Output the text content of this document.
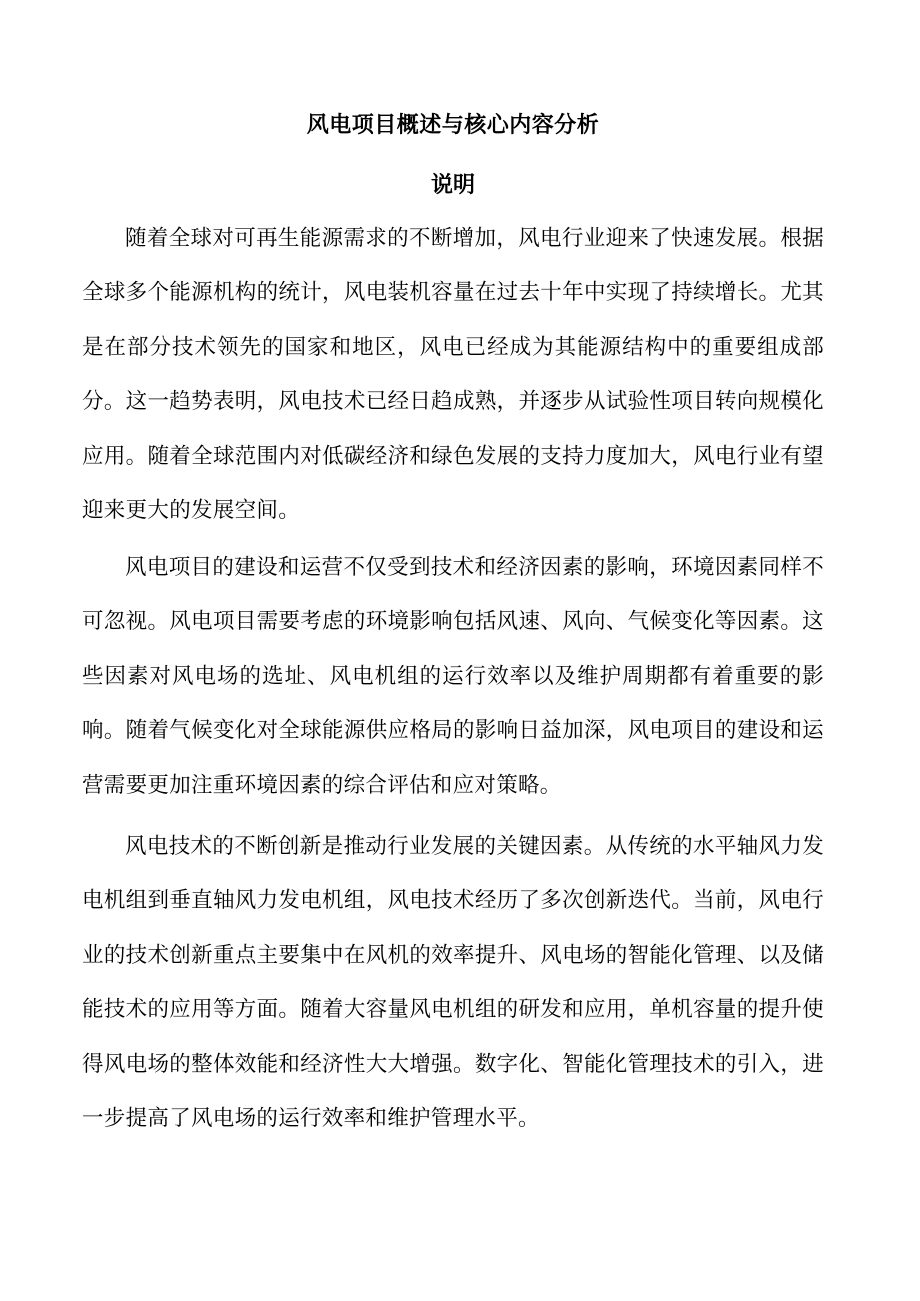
风电项目概述与核心内容分析
说明

随着全球对可再生能源需求的不断增加，风电行业迎来了快速发展。根据全球多个能源机构的统计，风电装机容量在过去十年中实现了持续增长。尤其是在部分技术领先的国家和地区，风电已经成为其能源结构中的重要组成部分。这一趋势表明，风电技术已经日趋成熟，并逐步从试验性项目转向规模化应用。随着全球范围内对低碳经济和绿色发展的支持力度加大，风电行业有望迎来更大的发展空间。

风电项目的建设和运营不仅受到技术和经济因素的影响，环境因素同样不可忽视。风电项目需要考虑的环境影响包括风速、风向、气候变化等因素。这些因素对风电场的选址、风电机组的运行效率以及维护周期都有着重要的影响。随着气候变化对全球能源供应格局的影响日益加深，风电项目的建设和运营需要更加注重环境因素的综合评估和应对策略。

风电技术的不断创新是推动行业发展的关键因素。从传统的水平轴风力发电机组到垂直轴风力发电机组，风电技术经历了多次创新迭代。当前，风电行业的技术创新重点主要集中在风机的效率提升、风电场的智能化管理、以及储能技术的应用等方面。随着大容量风电机组的研发和应用，单机容量的提升使得风电场的整体效能和经济性大大增强。数字化、智能化管理技术的引入，进一步提高了风电场的运行效率和维护管理水平。
